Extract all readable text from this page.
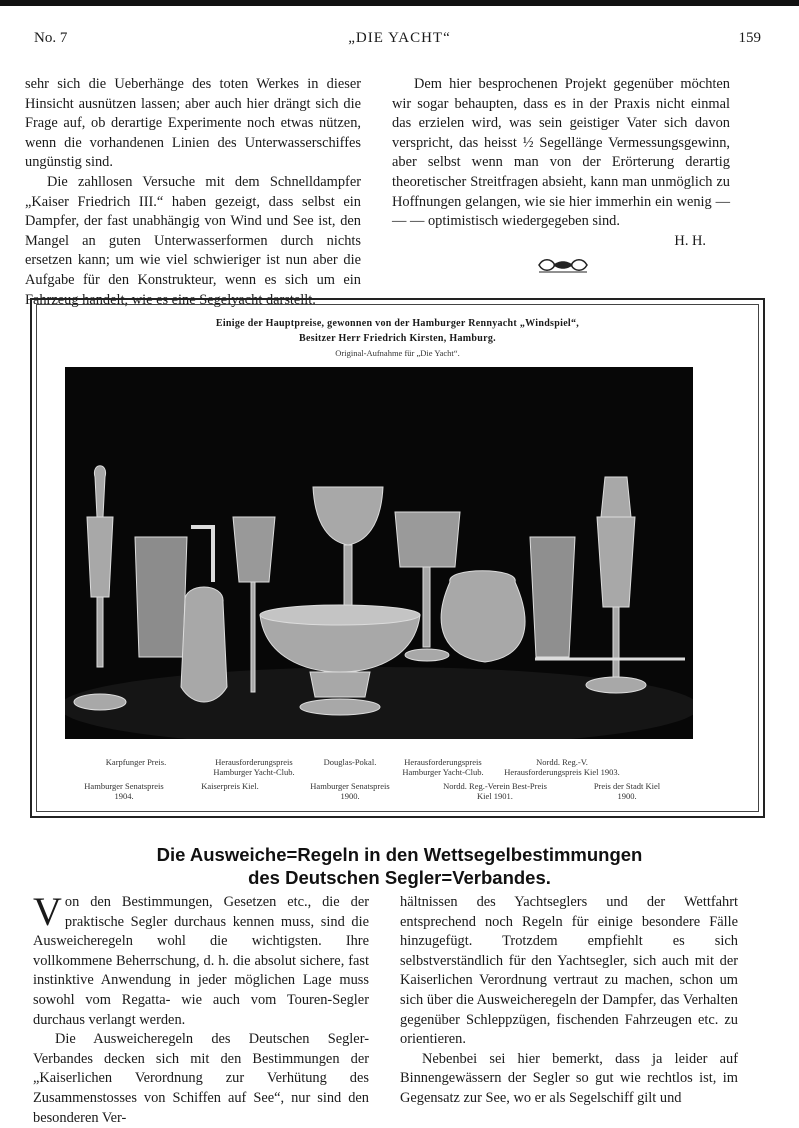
No. 7	„DIE YACHT“	159

sehr sich die Ueberhänge des toten Werkes in dieser Hinsicht ausnützen lassen; aber auch hier drängt sich die Frage auf, ob derartige Experimente noch etwas nützen, wenn die vorhandenen Linien des Unterwasserschiffes ungünstig sind.

Die zahllosen Versuche mit dem Schnelldampfer „Kaiser Friedrich III.“ haben gezeigt, dass selbst ein Dampfer, der fast unabhängig von Wind und See ist, den Mangel an guten Unterwasserformen durch nichts ersetzen kann; um wie viel schwieriger ist nun aber die Aufgabe für den Konstrukteur, wenn es sich um ein Fahrzeug handelt, wie es eine Segelyacht darstellt.

Dem hier besprochenen Projekt gegenüber möchten wir sogar behaupten, dass es in der Praxis nicht einmal das erzielen wird, was sein geistiger Vater sich davon verspricht, das heisst ½ Segellänge Vermessungsgewinn, aber selbst wenn man von der Erörterung derartig theoretischer Streitfragen absieht, kann man unmöglich zu Hoffnungen gelangen, wie sie hier immerhin ein wenig — — — optimistisch wiedergegeben sind.

H. H.

Einige der Hauptpreise, gewonnen von der Hamburger Rennyacht „Windspiel“,
Besitzer Herr Friedrich Kirsten, Hamburg.
Original-Aufnahme für „Die Yacht“.
Karpfunger Preis.	Herausforderungspreis Hamburger Yacht-Club.
Douglas-Pokal.	Herausforderungspreis Hamburger Yacht-Club.
Nordd. Reg.-V. Herausforderungspreis Kiel 1903.
Hamburger Senatspreis 1904.
Kaiserpreis Kiel.	Hamburger Senatspreis 1900.
Nordd. Reg.-Verein Best-Preis Kiel 1901.
Preis der Stadt Kiel 1900.
Die Ausweiche=Regeln in den Wettsegelbestimmungen
des Deutschen Segler=Verbandes.

Von den Bestimmungen, Gesetzen etc., die der praktische Segler durchaus kennen muss, sind die Ausweicheregeln wohl die wichtigsten. Ihre vollkommene Beherrschung, d. h. die absolut sichere, fast instinktive Anwendung in jeder möglichen Lage muss sowohl vom Regatta- wie auch vom Touren-Segler durchaus verlangt werden.

Die Ausweicheregeln des Deutschen Segler-Verbandes decken sich mit den Bestimmungen der „Kaiserlichen Verordnung zur Verhütung des Zusammenstosses von Schiffen auf See“, nur sind den besonderen Ver-

hältnissen des Yachtseglers und der Wettfahrt entsprechend noch Regeln für einige besondere Fälle hinzugefügt. Trotzdem empfiehlt es sich selbstverständlich für den Yachtsegler, sich auch mit der Kaiserlichen Verordnung vertraut zu machen, schon um sich über die Ausweicheregeln der Dampfer, das Verhalten gegenüber Schleppzügen, fischenden Fahrzeugen etc. zu orientieren.

Nebenbei sei hier bemerkt, dass ja leider auf Binnengewässern der Segler so gut wie rechtlos ist, im Gegensatz zur See, wo er als Segelschiff gilt und
